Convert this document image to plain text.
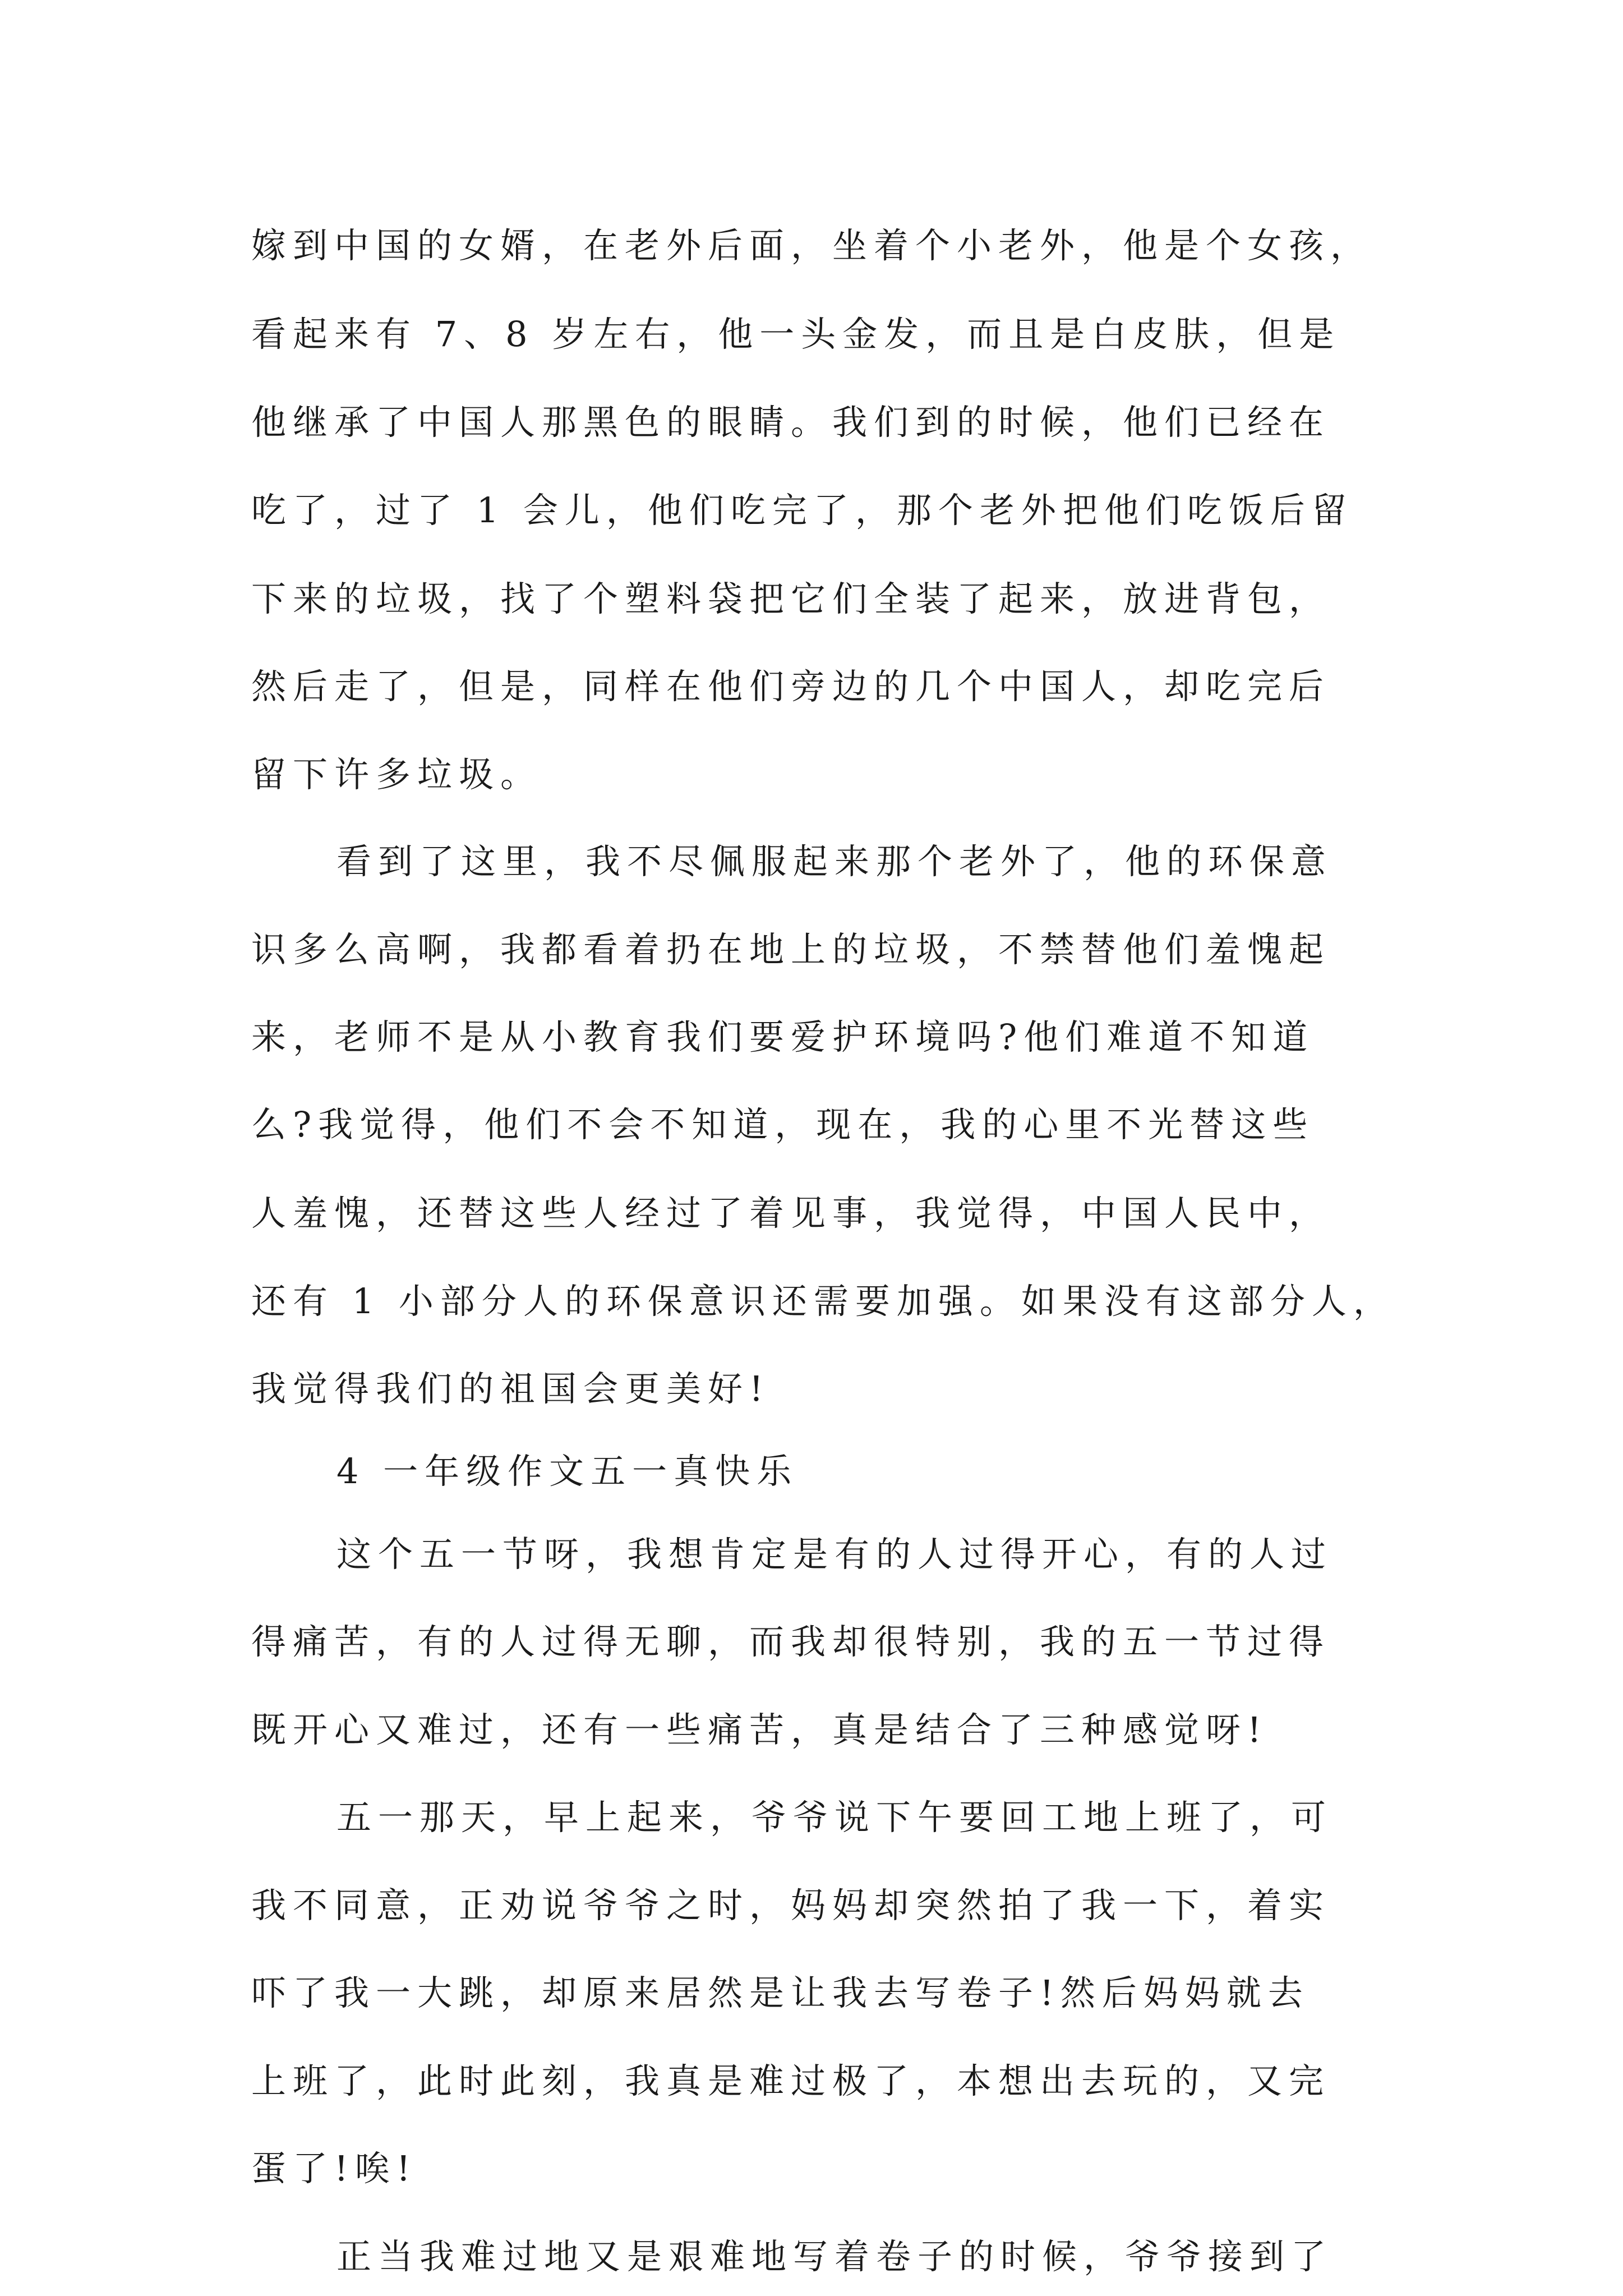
嫁到中国的女婿，在老外后面，坐着个小老外，他是个女孩，
看起来有 7、8 岁左右，他一头金发，而且是白皮肤，但是
他继承了中国人那黑色的眼睛。我们到的时候，他们已经在
吃了，过了 1 会儿，他们吃完了，那个老外把他们吃饭后留
下来的垃圾，找了个塑料袋把它们全装了起来，放进背包，
然后走了，但是，同样在他们旁边的几个中国人，却吃完后
留下许多垃圾。
看到了这里，我不尽佩服起来那个老外了，他的环保意
识多么高啊，我都看着扔在地上的垃圾，不禁替他们羞愧起
来，老师不是从小教育我们要爱护环境吗?他们难道不知道
么?我觉得，他们不会不知道，现在，我的心里不光替这些
人羞愧，还替这些人经过了着见事，我觉得，中国人民中，
还有 1 小部分人的环保意识还需要加强。如果没有这部分人，
我觉得我们的祖国会更美好!
4 一年级作文五一真快乐
这个五一节呀，我想肯定是有的人过得开心，有的人过
得痛苦，有的人过得无聊，而我却很特别，我的五一节过得
既开心又难过，还有一些痛苦，真是结合了三种感觉呀!
五一那天，早上起来，爷爷说下午要回工地上班了，可
我不同意，正劝说爷爷之时，妈妈却突然拍了我一下，着实
吓了我一大跳，却原来居然是让我去写卷子!然后妈妈就去
上班了，此时此刻，我真是难过极了，本想出去玩的，又完
蛋了!唉!
正当我难过地又是艰难地写着卷子的时候，爷爷接到了
